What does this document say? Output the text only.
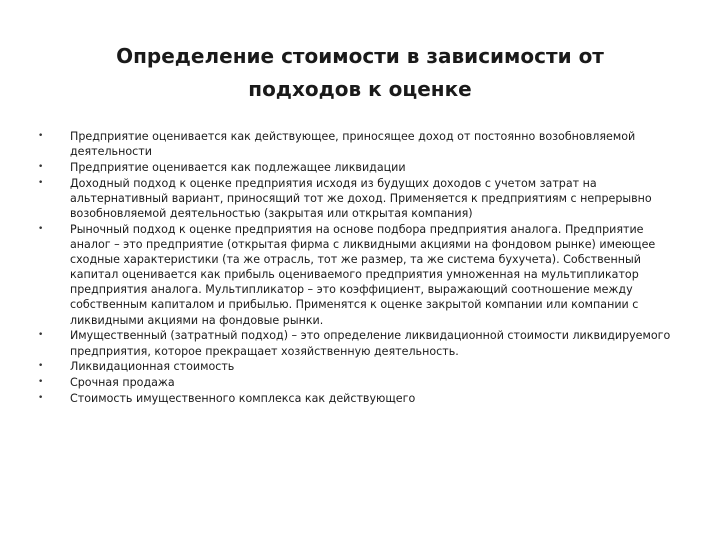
Определение стоимости в зависимости от
подходов к оценке
•	Предприятие оценивается как действующее, приносящее доход от постоянно возобновляемой деятельности
•	Предприятие оценивается как подлежащее ликвидации
•	Доходный подход к оценке предприятия исходя из будущих доходов с учетом затрат на альтернативный вариант, приносящий тот же доход. Применяется к предприятиям с непрерывно возобновляемой деятельностью (закрытая или открытая компания)
•	Рыночный подход к оценке предприятия на основе подбора предприятия аналога. Предприятие аналог – это предприятие (открытая фирма с ликвидными акциями на фондовом рынке) имеющее сходные характеристики (та же отрасль, тот же размер, та же система бухучета). Собственный капитал оценивается как прибыль оцениваемого предприятия умноженная на мультипликатор предприятия аналога. Мультипликатор – это коэффициент, выражающий соотношение между собственным капиталом и прибылью. Применятся к оценке закрытой компании или компании с ликвидными акциями на фондовые рынки.
•	Имущественный (затратный подход) – это определение ликвидационной стоимости ликвидируемого предприятия, которое прекращает хозяйственную деятельность.
•	Ликвидационная стоимость
•	Срочная продажа
•	Стоимость имущественного комплекса как действующего
